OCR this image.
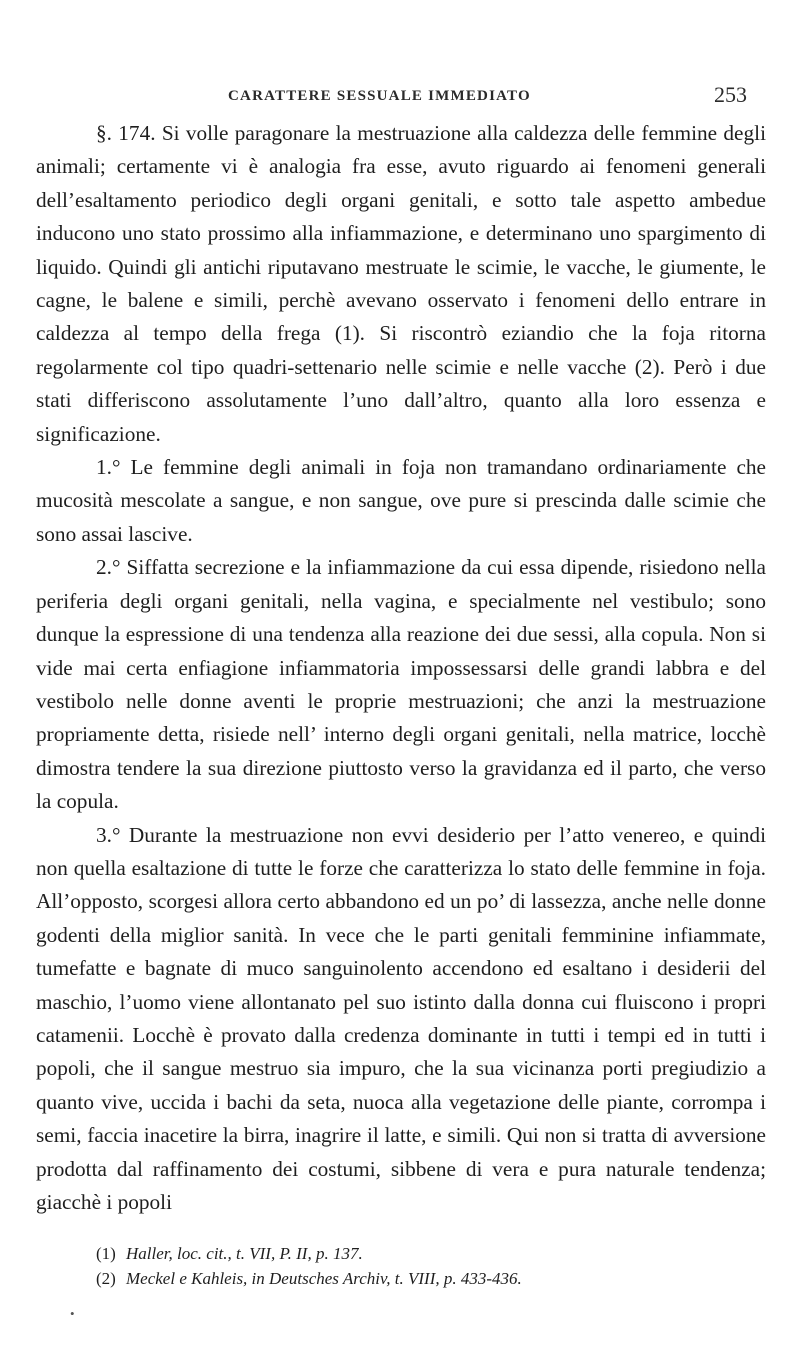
CARATTERE SESSUALE IMMEDIATO	253

§. 174. Si volle paragonare la mestruazione alla caldezza delle femmine degli animali; certamente vi è analogia fra esse, avuto riguardo ai fenomeni generali dell’esaltamento periodico degli organi genitali, e sotto tale aspetto ambedue inducono uno stato prossimo alla infiammazione, e determinano uno spargimento di liquido. Quindi gli antichi riputavano mestruate le scimie, le vacche, le giumente, le cagne, le balene e simili, perchè avevano osservato i fenomeni dello entrare in caldezza al tempo della frega (1). Si riscontrò eziandio che la foja ritorna regolarmente col tipo quadri-settenario nelle scimie e nelle vacche (2). Però i due stati differiscono assolutamente l’uno dall’altro, quanto alla loro essenza e significazione.

1.° Le femmine degli animali in foja non tramandano ordinariamente che mucosità mescolate a sangue, e non sangue, ove pure si prescinda dalle scimie che sono assai lascive.

2.° Siffatta secrezione e la infiammazione da cui essa dipende, risiedono nella periferia degli organi genitali, nella vagina, e specialmente nel vestibulo; sono dunque la espressione di una tendenza alla reazione dei due sessi, alla copula. Non si vide mai certa enfiagione infiammatoria impossessarsi delle grandi labbra e del vestibolo nelle donne aventi le proprie mestruazioni; che anzi la mestruazione propriamente detta, risiede nell’ interno degli organi genitali, nella matrice, locchè dimostra tendere la sua direzione piuttosto verso la gravidanza ed il parto, che verso la copula.

3.° Durante la mestruazione non evvi desiderio per l’atto venereo, e quindi non quella esaltazione di tutte le forze che caratterizza lo stato delle femmine in foja. All’opposto, scorgesi allora certo abbandono ed un po’ di lassezza, anche nelle donne godenti della miglior sanità. In vece che le parti genitali femminine infiammate, tumefatte e bagnate di muco sanguinolento accendono ed esaltano i desiderii del maschio, l’uomo viene allontanato pel suo istinto dalla donna cui fluiscono i propri catamenii. Locchè è provato dalla credenza dominante in tutti i tempi ed in tutti i popoli, che il sangue mestruo sia impuro, che la sua vicinanza porti pregiudizio a quanto vive, uccida i bachi da seta, nuoca alla vegetazione delle piante, corrompa i semi, faccia inacetire la birra, inagrire il latte, e simili. Qui non si tratta di avversione prodotta dal raffinamento dei costumi, sibbene di vera e pura naturale tendenza; giacchè i popoli

(1) Haller, loc. cit., t. VII, P. II, p. 137.
(2) Meckel e Kahleis, in Deutsches Archiv, t. VIII, p. 433-436.
•
